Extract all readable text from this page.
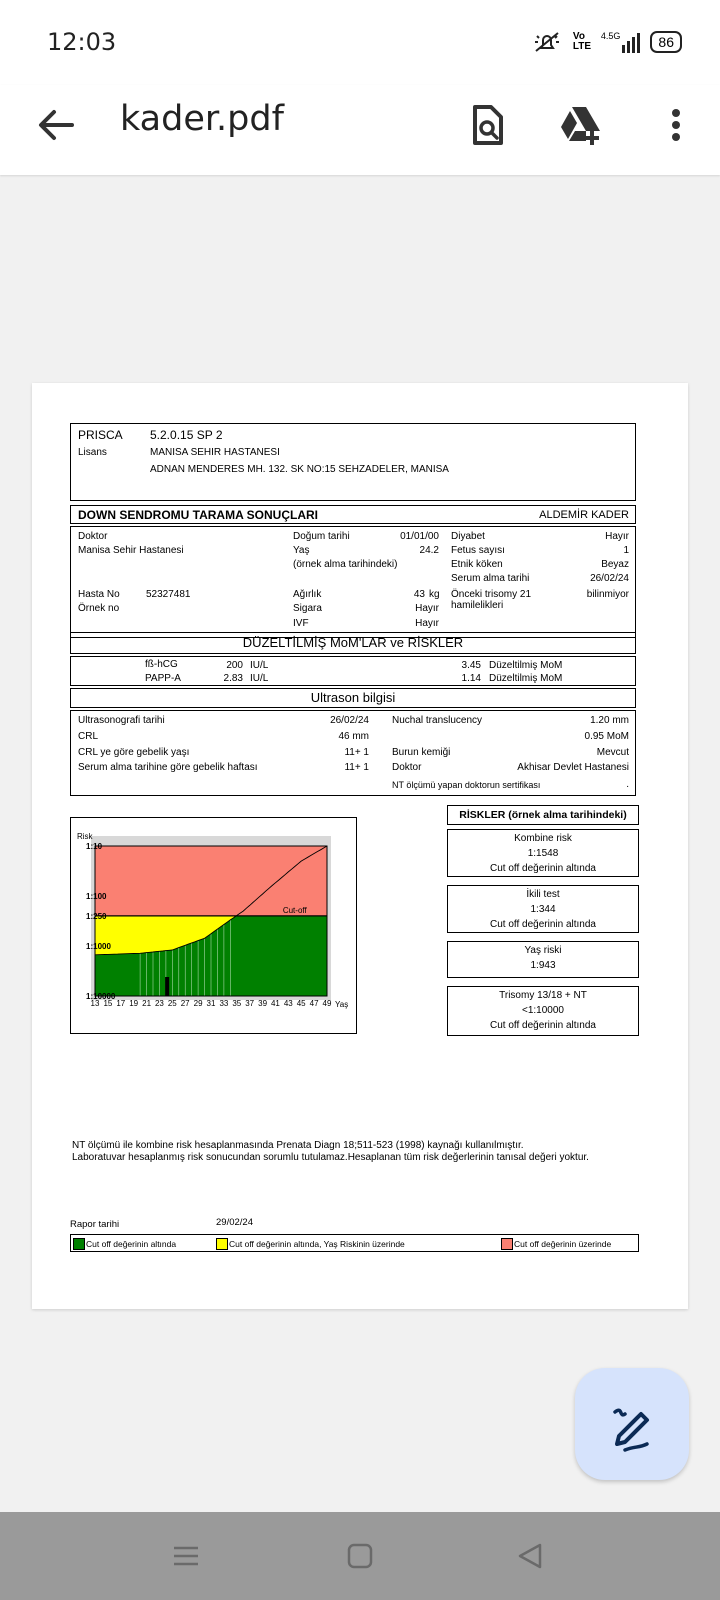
12:03	Vo LTE
4.5G	86
kader.pdf
PRISCA 5.2.0.15 SP 2
Lisans	MANISA SEHIR HASTANESI
ADNAN MENDERES MH. 132. SK NO:15 SEHZADELER, MANISA
DOWN SENDROMU TARAMA SONUÇLARI	ALDEMİR KADER
Doktor
Manisa Sehir Hastanesi
Hasta No	52327481
Örnek no
Doğum tarihi	01/01/00
Yaş	24.2
(örnek alma tarihindeki)
Ağırlık	43 kg
Sigara	Hayır
IVF	Hayır
Diyabet	Hayır
Fetus sayısı	1
Etnik köken	Beyaz
Serum alma tarihi	26/02/24
Önceki trisomy 21
hamilelikleri
bilinmiyor
DÜZELTİLMİŞ MoM'LAR ve RİSKLER
fß-hCG	200 IU/L	3.45 Düzeltilmiş MoM
PAPP-A	2.83 IU/L	1.14 Düzeltilmiş MoM
Ultrason bilgisi
Ultrasonografi tarihi	26/02/24
CRL	46 mm
CRL ye göre gebelik yaşı	11+ 1
Serum alma tarihine göre gebelik haftası	11+ 1
Nuchal translucency	1.20 mm
0.95 MoM
Burun kemiği	Mevcut
Doktor	Akhisar Devlet Hastanesi
NT ölçümü yapan doktorun sertifikası	.
Risk
1:10
1:100
1:250
1:1000
1:10000
13 15 17 19 21 23 25 27 29 31 33 35 37 39 41 43 45 47 49 Yaş
Cut-off
RİSKLER (örnek alma tarihindeki)
Kombine risk
1:1548
Cut off değerinin altında
İkili test
1:344
Cut off değerinin altında
Yaş riski
1:943
Trisomy 13/18 + NT
<1:10000
Cut off değerinin altında
NT ölçümü ile kombine risk hesaplanmasında Prenata Diagn 18;511-523 (1998) kaynağı kullanılmıştır.
Laboratuvar hesaplanmış risk sonucundan sorumlu tutulamaz.Hesaplanan tüm risk değerlerinin tanısal değeri yoktur.
Rapor tarihi	29/02/24
Cut off değerinin altında	Cut off değerinin altında, Yaş Riskinin üzerinde	Cut off değerinin üzerinde
